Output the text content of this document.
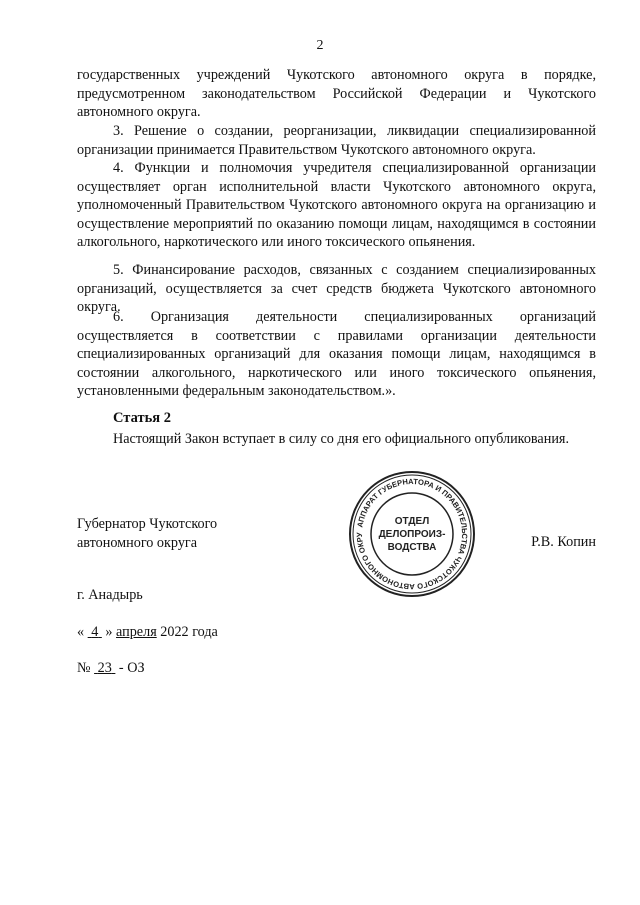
2

государственных учреждений Чукотского автономного округа в порядке, предусмотренном законодательством Российской Федерации и Чукотского автономного округа.

3. Решение о создании, реорганизации, ликвидации специализированной организации принимается Правительством Чукотского автономного округа.

4. Функции и полномочия учредителя специализированной организации осуществляет орган исполнительной власти Чукотского автономного округа, уполномоченный Правительством Чукотского автономного округа на организацию и осуществление мероприятий по оказанию помощи лицам, находящимся в состоянии алкогольного, наркотического или иного токсического опьянения.

5. Финансирование расходов, связанных с созданием специализированных организаций, осуществляется за счет средств бюджета Чукотского автономного округа.

6. Организация деятельности специализированных организаций осуществляется в соответствии с правилами организации деятельности специализированных организаций для оказания помощи лицам, находящимся в состоянии алкогольного, наркотического или иного токсического опьянения, установленными федеральным законодательством.».

Статья 2

Настоящий Закон вступает в силу со дня его официального опубликования.

Губернатор Чукотского
автономного округа	Р.В. Копин
АППАРАТ ГУБЕРНАТОРА И ПРАВИТЕЛЬСТВА ЧУКОТСКОГО АВТОНОМНОГО ОКРУ
ОТДЕЛ
ДЕЛОПРОИЗ-
ВОДСТВА
г. Анадырь
« 4 » апреля 2022 года
№ 23 - ОЗ
